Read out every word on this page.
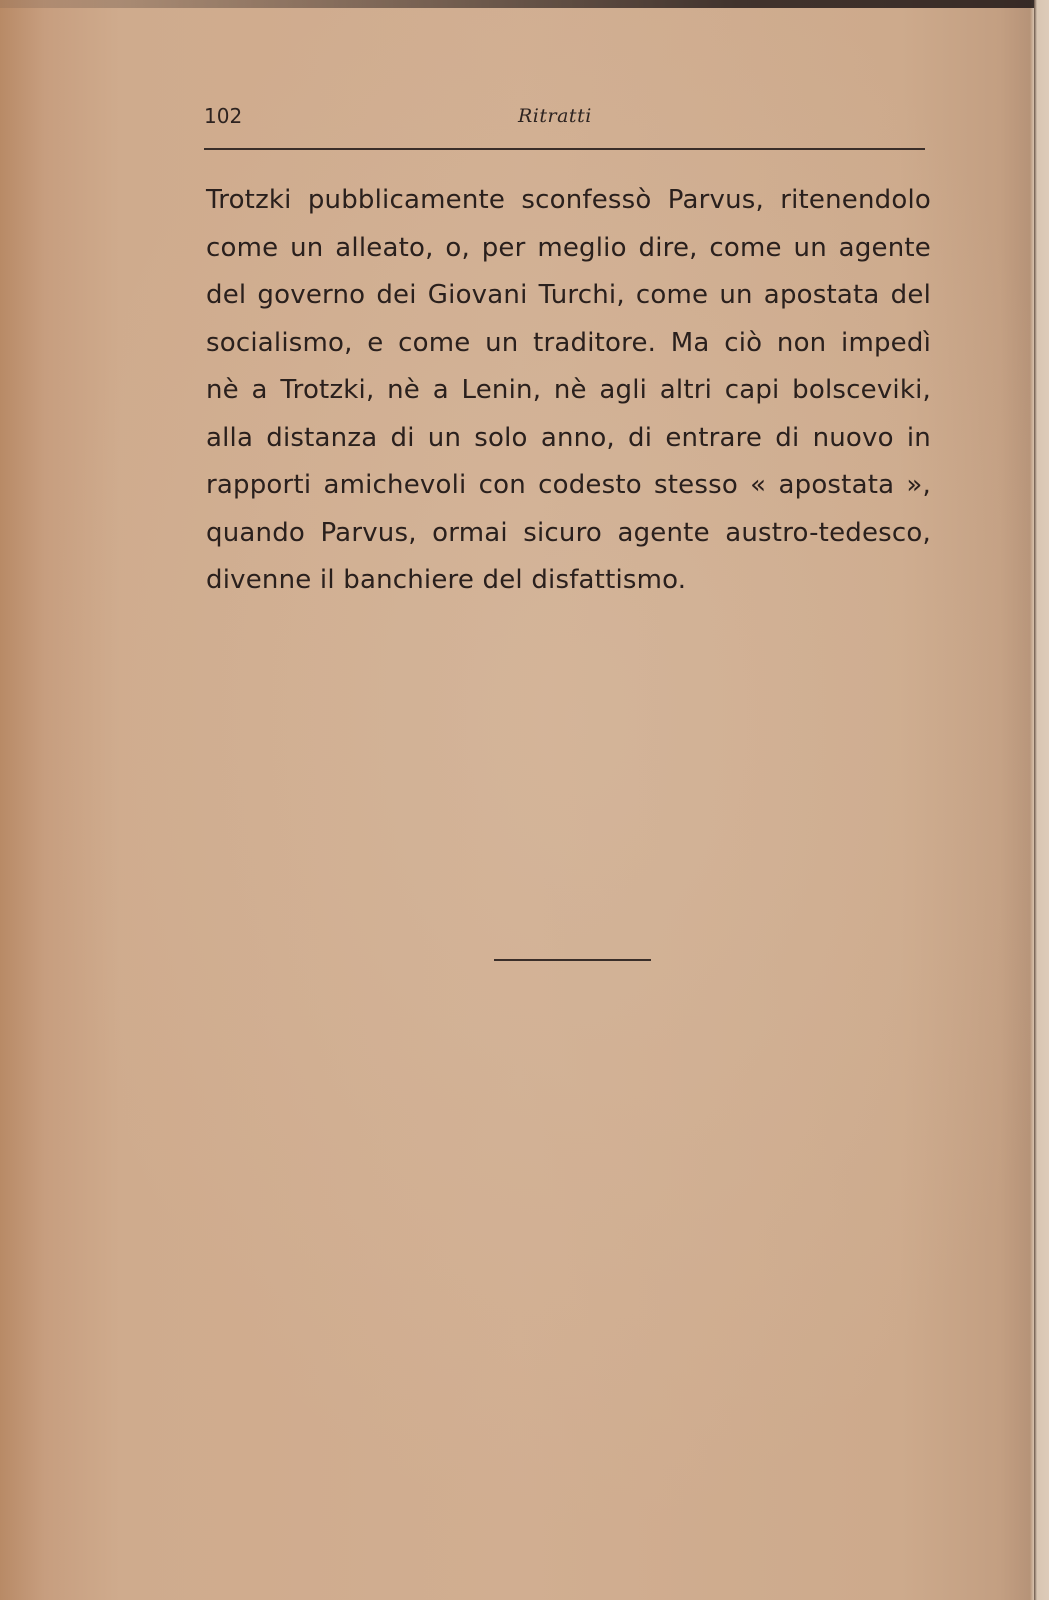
102	Ritratti
Trotzki pubblicamente sconfessò Parvus, ritenendolo
come un alleato, o, per meglio dire, come un agente
del governo dei Giovani Turchi, come un apostata del
socialismo, e come un traditore. Ma ciò non impedì
nè a Trotzki, nè a Lenin, nè agli altri capi bolsceviki,
alla distanza di un solo anno, di entrare di nuovo in
rapporti amichevoli con codesto stesso « apostata »,
quando Parvus, ormai sicuro agente austro-tedesco,
divenne il banchiere del disfattismo.
